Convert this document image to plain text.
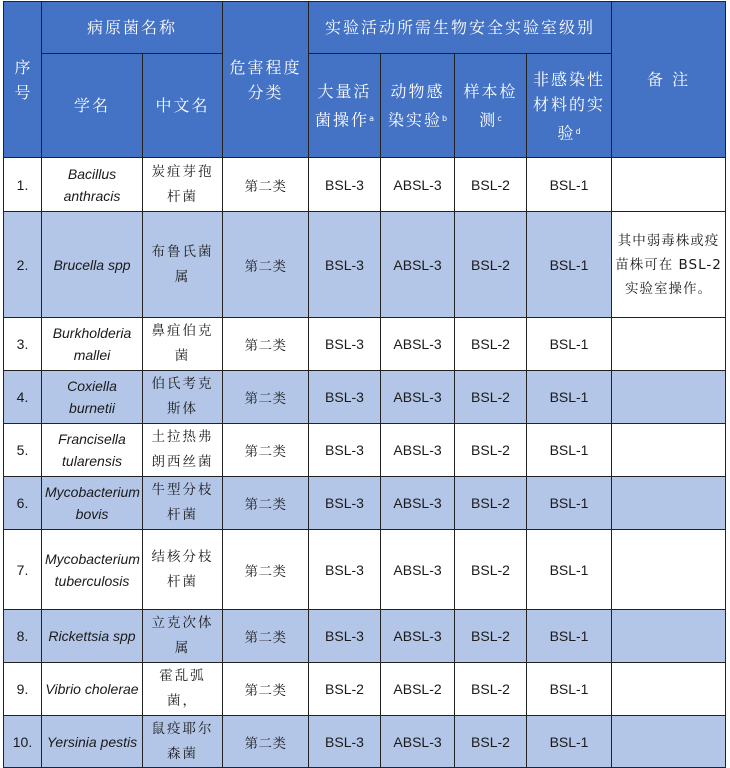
序号	病原菌名称		危害程度分类	实验活动所需生物安全实验室级别				备 注
	学名	中文名		大量活菌操作$^a$	动物感染实验$^b$	样本检测$^c$	非感染性材料的实验$^d$
1.	Bacillus anthracis	炭疽芽孢杆菌	第二类	BSL-3	ABSL-3	BSL-2	BSL-1	
2.	Brucella spp	布鲁氏菌属	第二类	BSL-3	ABSL-3	BSL-2	BSL-1	其中弱毒株或疫苗株可在 BSL-2 实验室操作。
3.	Burkholderia mallei	鼻疽伯克菌	第二类	BSL-3	ABSL-3	BSL-2	BSL-1	
4.	Coxiella burnetii	伯氏考克斯体	第二类	BSL-3	ABSL-3	BSL-2	BSL-1	
5.	Francisella tularensis	土拉热弗朗西丝菌	第二类	BSL-3	ABSL-3	BSL-2	BSL-1	
6.	Mycobacterium bovis	牛型分枝杆菌	第二类	BSL-3	ABSL-3	BSL-2	BSL-1	
7.	Mycobacterium tuberculosis	结核分枝杆菌	第二类	BSL-3	ABSL-3	BSL-2	BSL-1	
8.	Rickettsia spp	立克次体属	第二类	BSL-3	ABSL-3	BSL-2	BSL-1	
9.	Vibrio cholerae	霍乱弧菌，	第二类	BSL-2	ABSL-2	BSL-2	BSL-1	
10.	Yersinia pestis	鼠疫耶尔森菌	第二类	BSL-3	ABSL-3	BSL-2	BSL-1	
